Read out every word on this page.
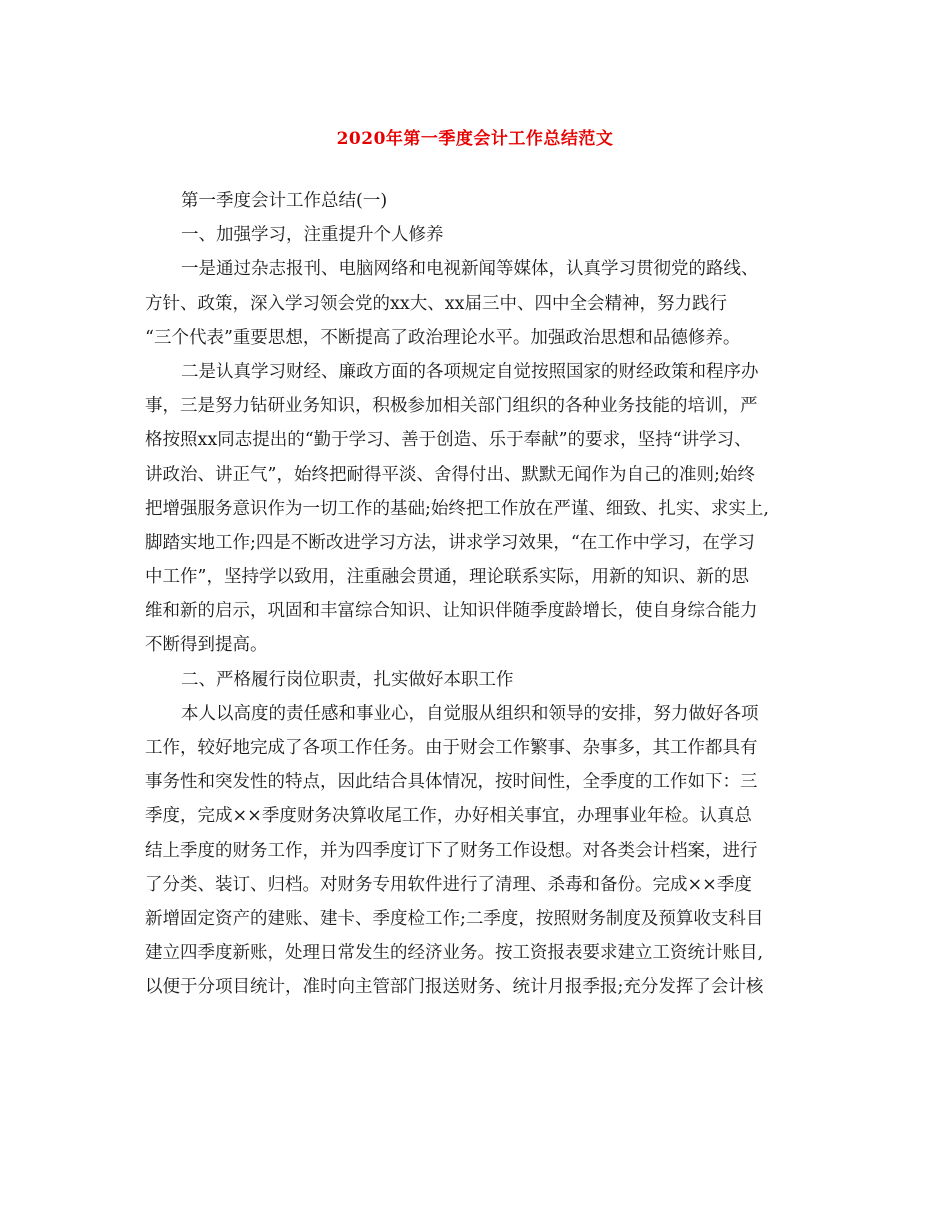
2020年第一季度会计工作总结范文
第一季度会计工作总结(一)
一、加强学习，注重提升个人修养
一是通过杂志报刊、电脑网络和电视新闻等媒体，认真学习贯彻党的路线、
方针、政策，深入学习领会党的xx大、xx届三中、四中全会精神，努力践行
“三个代表”重要思想，不断提高了政治理论水平。加强政治思想和品德修养。
二是认真学习财经、廉政方面的各项规定自觉按照国家的财经政策和程序办
事，三是努力钻研业务知识，积极参加相关部门组织的各种业务技能的培训，严
格按照xx同志提出的“勤于学习、善于创造、乐于奉献”的要求，坚持“讲学习、
讲政治、讲正气”，始终把耐得平淡、舍得付出、默默无闻作为自己的准则;始终
把增强服务意识作为一切工作的基础;始终把工作放在严谨、细致、扎实、求实上,
脚踏实地工作;四是不断改进学习方法，讲求学习效果，“在工作中学习，在学习
中工作”，坚持学以致用，注重融会贯通，理论联系实际，用新的知识、新的思
维和新的启示，巩固和丰富综合知识、让知识伴随季度龄增长，使自身综合能力
不断得到提高。
二、严格履行岗位职责，扎实做好本职工作
本人以高度的责任感和事业心，自觉服从组织和领导的安排，努力做好各项
工作，较好地完成了各项工作任务。由于财会工作繁事、杂事多，其工作都具有
事务性和突发性的特点，因此结合具体情况，按时间性，全季度的工作如下：三
季度，完成××季度财务决算收尾工作，办好相关事宜，办理事业年检。认真总
结上季度的财务工作，并为四季度订下了财务工作设想。对各类会计档案，进行
了分类、装订、归档。对财务专用软件进行了清理、杀毒和备份。完成××季度
新增固定资产的建账、建卡、季度检工作;二季度，按照财务制度及预算收支科目
建立四季度新账，处理日常发生的经济业务。按工资报表要求建立工资统计账目,
以便于分项目统计，准时向主管部门报送财务、统计月报季报;充分发挥了会计核
